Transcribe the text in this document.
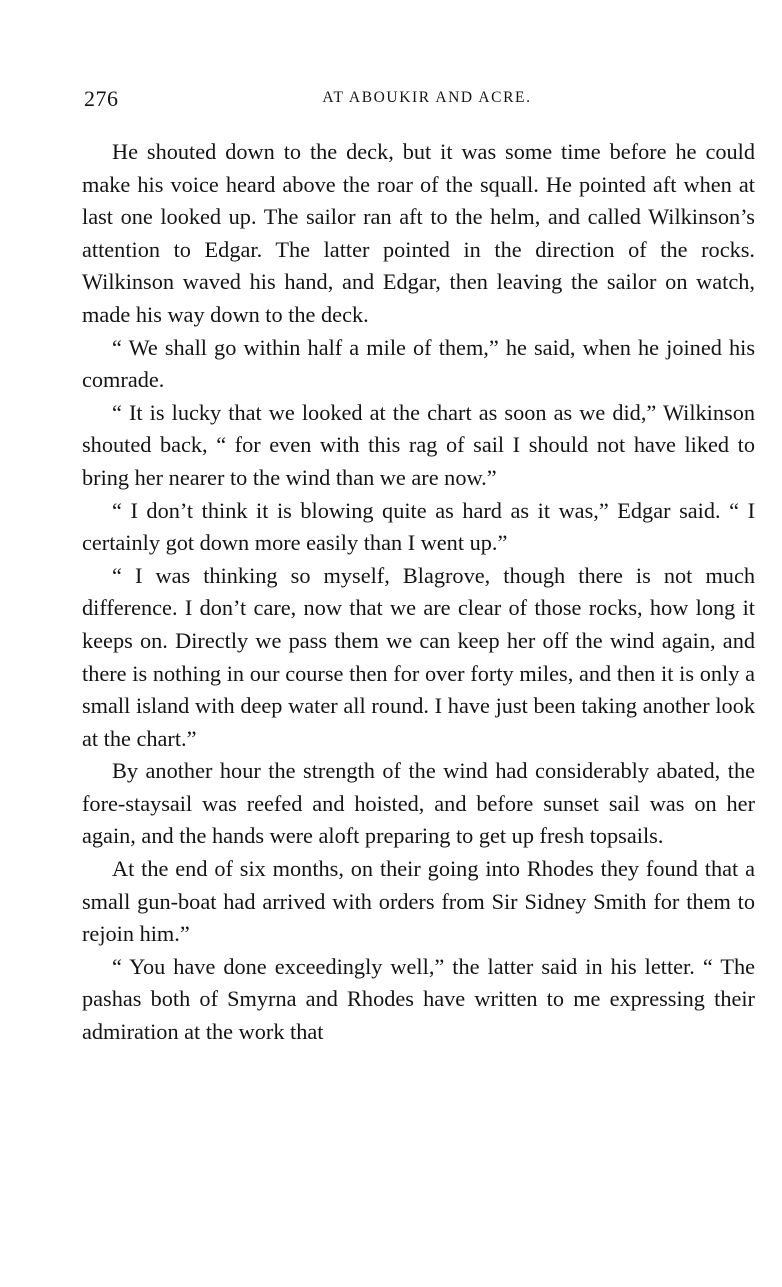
276	AT ABOUKIR AND ACRE.

He shouted down to the deck, but it was some time before he could make his voice heard above the roar of the squall. He pointed aft when at last one looked up. The sailor ran aft to the helm, and called Wilkinson’s attention to Edgar. The latter pointed in the direction of the rocks. Wilkinson waved his hand, and Edgar, then leaving the sailor on watch, made his way down to the deck.

“ We shall go within half a mile of them,” he said, when he joined his comrade.

“ It is lucky that we looked at the chart as soon as we did,” Wilkinson shouted back, “ for even with this rag of sail I should not have liked to bring her nearer to the wind than we are now.”

“ I don’t think it is blowing quite as hard as it was,” Edgar said. “ I certainly got down more easily than I went up.”

“ I was thinking so myself, Blagrove, though there is not much difference. I don’t care, now that we are clear of those rocks, how long it keeps on. Directly we pass them we can keep her off the wind again, and there is nothing in our course then for over forty miles, and then it is only a small island with deep water all round. I have just been taking another look at the chart.”

By another hour the strength of the wind had considerably abated, the fore-staysail was reefed and hoisted, and before sunset sail was on her again, and the hands were aloft preparing to get up fresh topsails.

At the end of six months, on their going into Rhodes they found that a small gun-boat had arrived with orders from Sir Sidney Smith for them to rejoin him.”

“ You have done exceedingly well,” the latter said in his letter. “ The pashas both of Smyrna and Rhodes have written to me expressing their admiration at the work that
